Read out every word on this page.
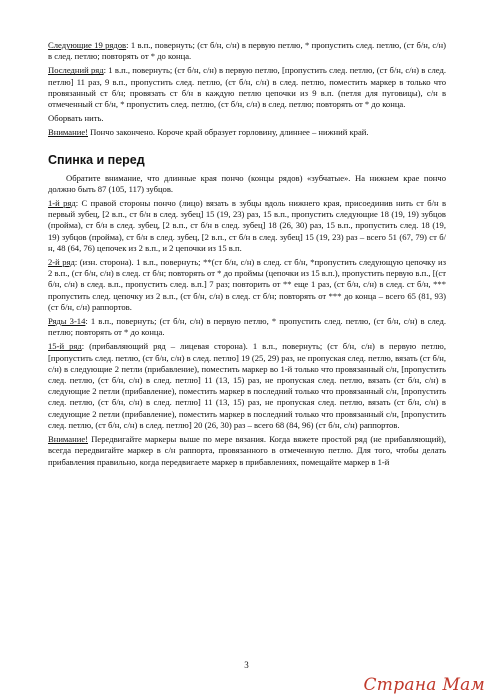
Следующие 19 рядов: 1 в.п., повернуть; (ст б/н, с/н) в первую петлю, * пропустить след. петлю, (ст б/н, с/н) в след. петлю; повторять от * до конца.

Последний ряд: 1 в.п., повернуть; (ст б/н, с/н) в первую петлю, [пропустить след. петлю, (ст б/н, с/н) в след. петлю] 11 раз, 9 в.п., пропустить след. петлю, (ст б/н, с/н) в след. петлю, поместить маркер в только что провязанный ст б/н; провязать ст б/н в каждую петлю цепочки из 9 в.п. (петля для пуговицы), с/н в отмеченный ст б/н, * пропустить след. петлю, (ст б/н, с/н) в след. петлю; повторять от * до конца.

Оборвать нить.

Внимание! Пончо закончено. Короче край образует горловину, длиннее – нижний край.

Спинка и перед

Обратите внимание, что длинные края пончо (концы рядов) «зубчатые». На нижнем крае пончо должно быть 87 (105, 117) зубцов.

1-й ряд: С правой стороны пончо (лицо) вязать в зубцы вдоль нижнего края, присоединив нить ст б/н в первый зубец, [2 в.п., ст б/н в след. зубец] 15 (19, 23) раз, 15 в.п., пропустить следующие 18 (19, 19) зубцов (пройма), ст б/н в след. зубец, [2 в.п., ст б/н в след. зубец] 18 (26, 30) раз, 15 в.п., пропустить след. 18 (19, 19) зубцов (пройма), ст б/н в след. зубец, [2 в.п., ст б/н в след. зубец] 15 (19, 23) раз – всего 51 (67, 79) ст б/н, 48 (64, 76) цепочек из 2 в.п., и 2 цепочки из 15 в.п.

2-й ряд: (изн. сторона). 1 в.п., повернуть; **(ст б/н, с/н) в след. ст б/н, *пропустить следующую цепочку из 2 в.п., (ст б/н, с/н) в след. ст б/н; повторять от * до проймы (цепочки из 15 в.п.), пропустить первую в.п., [(ст б/н, с/н) в след. в.п., пропустить след. в.п.] 7 раз; повторить от ** еще 1 раз, (ст б/н, с/н) в след. ст б/н, *** пропустить след. цепочку из 2 в.п., (ст б/н, с/н) в след. ст б/н; повторять от *** до конца – всего 65 (81, 93) (ст б/н, с/н) раппортов.

Ряды 3-14: 1 в.п., повернуть; (ст б/н, с/н) в первую петлю, * пропустить след. петлю, (ст б/н, с/н) в след. петлю; повторять от * до конца.

15-й ряд: (прибавляющий ряд – лицевая сторона). 1 в.п., повернуть; (ст б/н, с/н) в первую петлю, [пропустить след. петлю, (ст б/н, с/н) в след. петлю] 19 (25, 29) раз, не пропуская след. петлю, вязать (ст б/н, с/н) в следующие 2 петли (прибавление), поместить маркер во 1-й только что провязанный с/н, [пропустить след. петлю, (ст б/н, с/н) в след. петлю] 11 (13, 15) раз, не пропуская след. петлю, вязать (ст б/н, с/н) в следующие 2 петли (прибавление), поместить маркер в последний только что провязанный с/н, [пропустить след. петлю, (ст б/н, с/н) в след. петлю] 11 (13, 15) раз, не пропуская след. петлю, вязать (ст б/н, с/н) в следующие 2 петли (прибавление), поместить маркер в последний только что провязанный с/н, [пропустить след. петлю, (ст б/н, с/н) в след. петлю] 20 (26, 30) раз – всего 68 (84, 96) (ст б/н, с/н) раппортов.

Внимание! Передвигайте маркеры выше по мере вязания. Когда вяжете простой ряд (не прибавляющий), всегда передвигайте маркер в с/н раппорта, провязанного в отмеченную петлю. Для того, чтобы делать прибавления правильно, когда передвигаете маркер в прибавлениях, помещайте маркер в 1-й

3
Страна Мам
